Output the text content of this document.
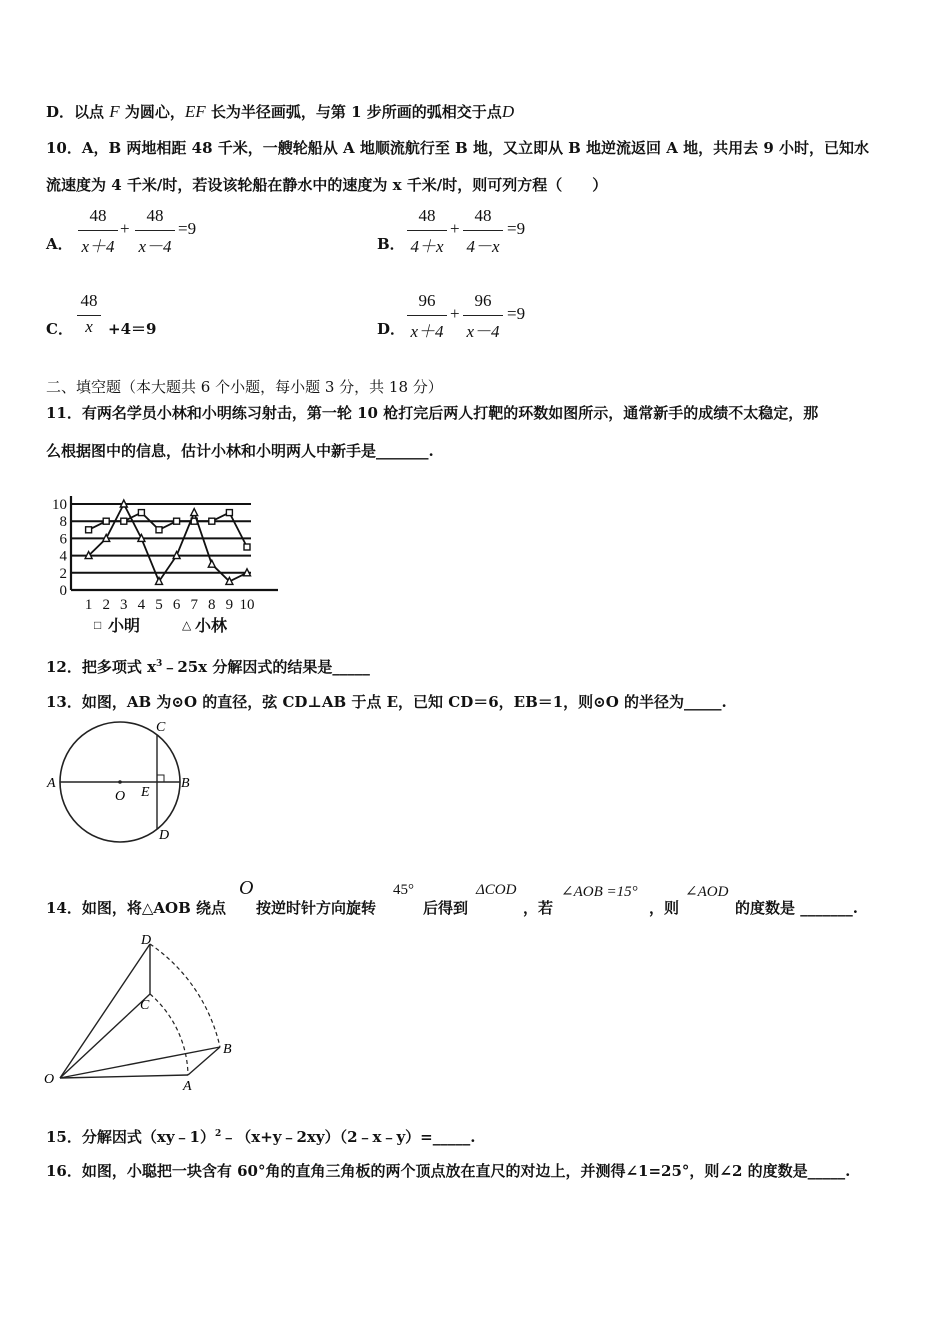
D．以点 F 为圆心，EF 长为半径画弧，与第 1 步所画的弧相交于点D
10．A，B 两地相距 48 千米，一艘轮船从 A 地顺流航行至 B 地，又立即从 B 地逆流返回 A 地，共用去 9 小时，已知水
流速度为 4 千米/时，若设该轮船在静水中的速度为 x 千米/时，则可列方程（　　）
A．
48
x＋4
+
48
x－4
=9
B．
48
4＋x
+
48
4－x
=9
C．
48
x	+4＝9	D．
96
x＋4
+
96
x－4
=9
二、填空题（本大题共 6 个小题，每小题 3 分，共 18 分）
11．有两名学员小林和小明练习射击，第一轮 10 枪打完后两人打靶的环数如图所示，通常新手的成绩不太稳定，那
么根据图中的信息，估计小林和小明两人中新手是_______.
0
2
4
6
8
10
1 2 3 4 5 6 7 8 9 10
□ 小明	△ 小林
12．把多项式 $x^3﹣25x$ 分解因式的结果是_____
13．如图，AB 为⊙O 的直径，弦 CD⊥AB 于点 E，已知 CD＝6，EB＝1，则⊙O 的半径为_____.
A	B
C
D
E
O
14．如图，将△AOB 绕点
O
按逆时针方向旋转
45°
后得到
ΔCOD
，若
∠AOB =15°
，则
∠AOD
的度数是 _______.
D
C
B
A
O
15．分解因式（xy﹣1）$^2$﹣（x+y﹣2xy）（2﹣x﹣y）=_____.
16．如图，小聪把一块含有 60°角的直角三角板的两个顶点放在直尺的对边上，并测得∠1=25°，则∠2 的度数是_____.
